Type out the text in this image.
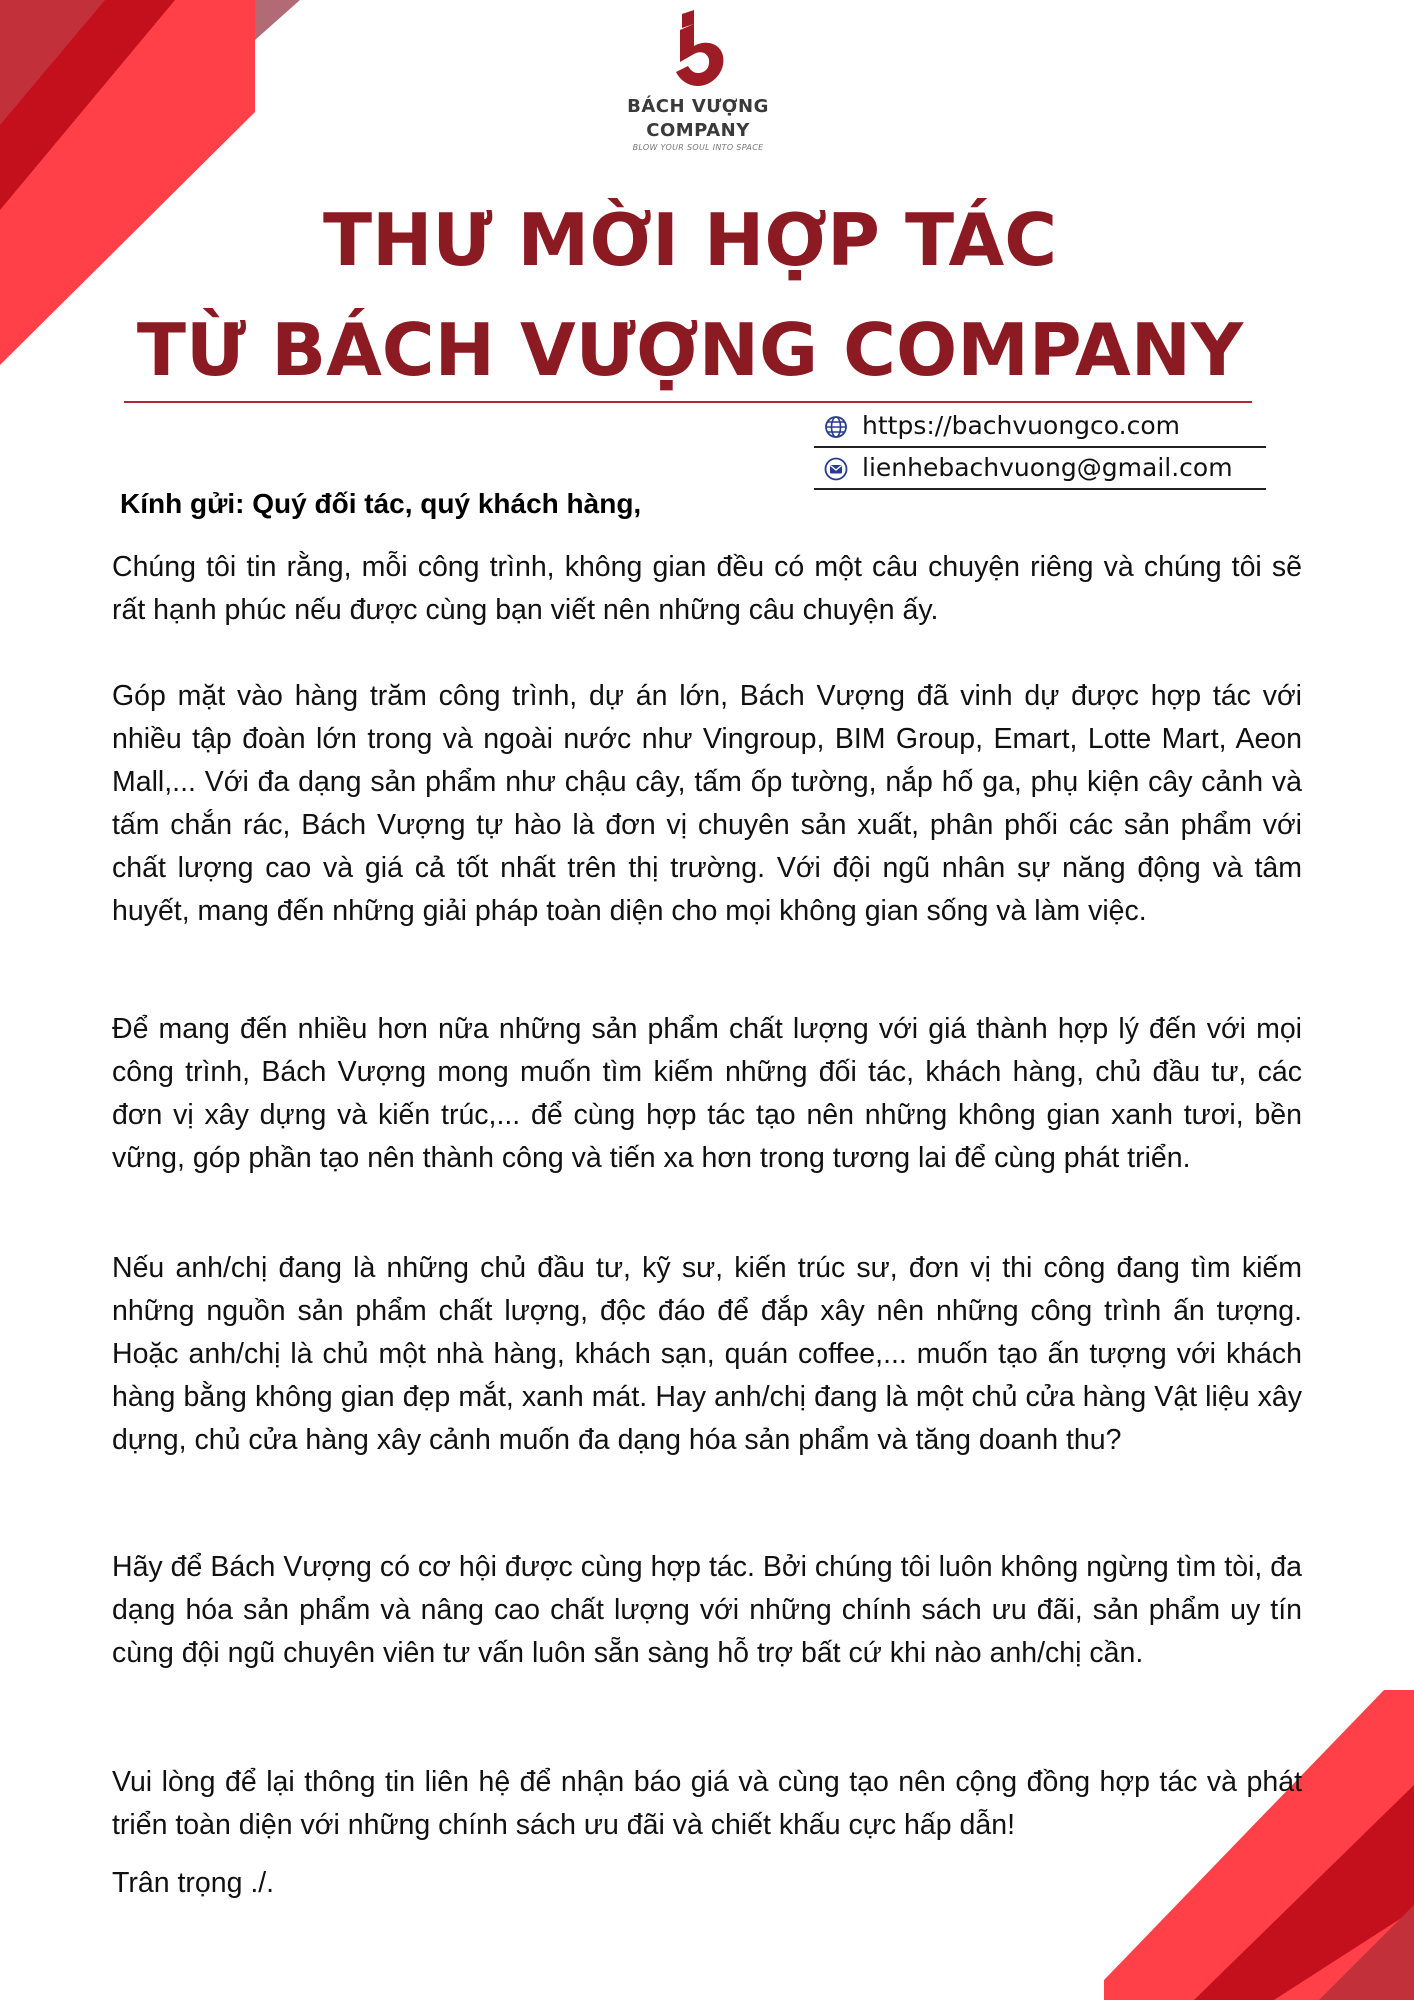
BÁCH VƯỢNG
COMPANY
BLOW YOUR SOUL INTO SPACE
THƯ MỜI HỢP TÁC
TỪ BÁCH VƯỢNG COMPANY
https://bachvuongco.com
lienhebachvuong@gmail.com

Kính gửi: Quý đối tác, quý khách hàng,

Chúng tôi tin rằng, mỗi công trình, không gian đều có một câu chuyện riêng và chúng tôi sẽ rất hạnh phúc nếu được cùng bạn viết nên những câu chuyện ấy.

Góp mặt vào hàng trăm công trình, dự án lớn, Bách Vượng đã vinh dự được hợp tác với nhiều tập đoàn lớn trong và ngoài nước như Vingroup, BIM Group, Emart, Lotte Mart, Aeon Mall,... Với đa dạng sản phẩm như chậu cây, tấm ốp tường, nắp hố ga, phụ kiện cây cảnh và tấm chắn rác, Bách Vượng tự hào là đơn vị chuyên sản xuất, phân phối các sản phẩm với chất lượng cao và giá cả tốt nhất trên thị trường. Với đội ngũ nhân sự năng động và tâm huyết, mang đến những giải pháp toàn diện cho mọi không gian sống và làm việc.

Để mang đến nhiều hơn nữa những sản phẩm chất lượng với giá thành hợp lý đến với mọi công trình, Bách Vượng mong muốn tìm kiếm những đối tác, khách hàng, chủ đầu tư, các đơn vị xây dựng và kiến trúc,... để cùng hợp tác tạo nên những không gian xanh tươi, bền vững, góp phần tạo nên thành công và tiến xa hơn trong tương lai để cùng phát triển.

Nếu anh/chị đang là những chủ đầu tư, kỹ sư, kiến trúc sư, đơn vị thi công đang tìm kiếm những nguồn sản phẩm chất lượng, độc đáo để đắp xây nên những công trình ấn tượng. Hoặc anh/chị là chủ một nhà hàng, khách sạn, quán coffee,... muốn tạo ấn tượng với khách hàng bằng không gian đẹp mắt, xanh mát. Hay anh/chị đang là một chủ cửa hàng Vật liệu xây dựng, chủ cửa hàng xây cảnh muốn đa dạng hóa sản phẩm và tăng doanh thu?

Hãy để Bách Vượng có cơ hội được cùng hợp tác. Bởi chúng tôi luôn không ngừng tìm tòi, đa dạng hóa sản phẩm và nâng cao chất lượng với những chính sách ưu đãi, sản phẩm uy tín cùng đội ngũ chuyên viên tư vấn luôn sẵn sàng hỗ trợ bất cứ khi nào anh/chị cần.

Vui lòng để lại thông tin liên hệ để nhận báo giá và cùng tạo nên cộng đồng hợp tác và phát triển toàn diện với những chính sách ưu đãi và chiết khấu cực hấp dẫn!

Trân trọng ./.
